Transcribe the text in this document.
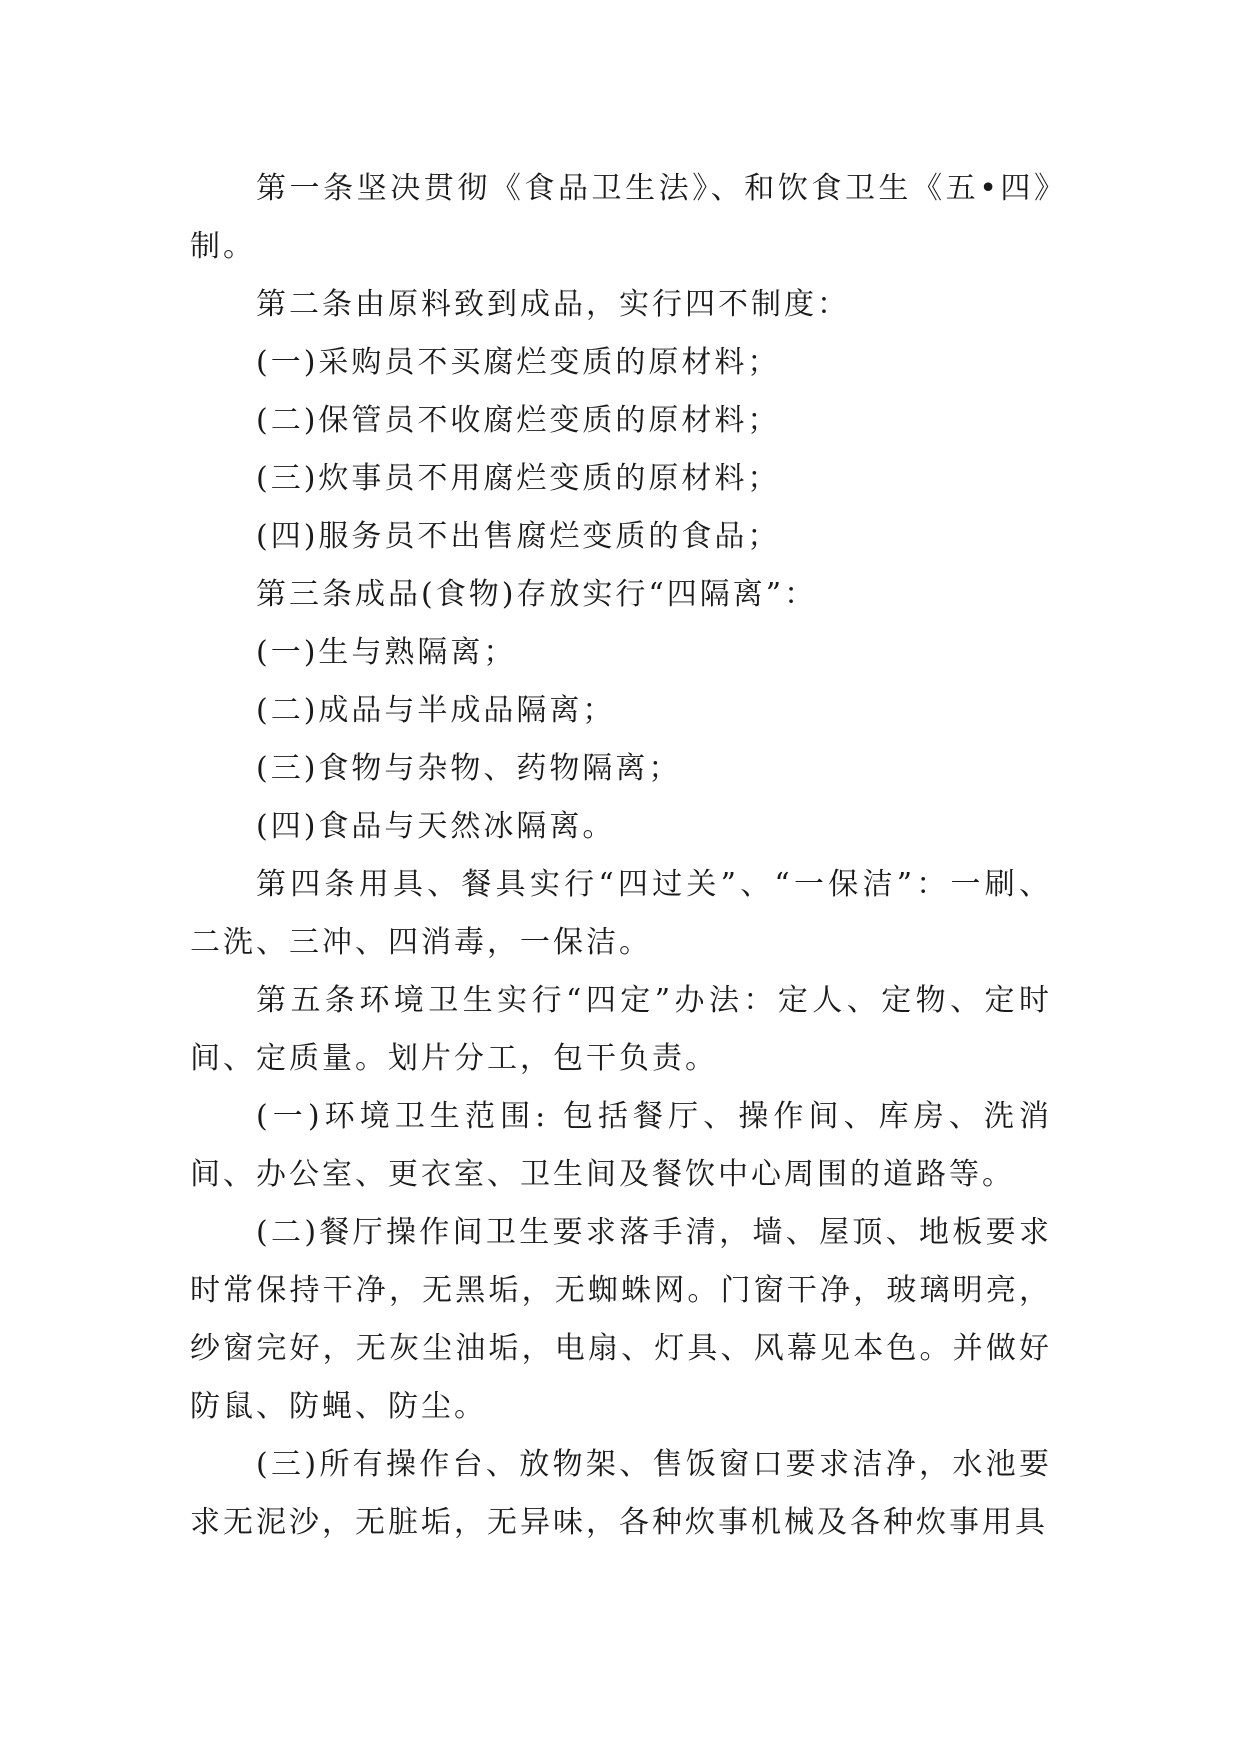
第一条坚决贯彻《食品卫生法》、和饮食卫生《五•四》制。

第二条由原料致到成品，实行四不制度：

(一)采购员不买腐烂变质的原材料；

(二)保管员不收腐烂变质的原材料；

(三)炊事员不用腐烂变质的原材料；

(四)服务员不出售腐烂变质的食品；

第三条成品(食物)存放实行“四隔离”：

(一)生与熟隔离；

(二)成品与半成品隔离；

(三)食物与杂物、药物隔离；

(四)食品与天然冰隔离。

第四条用具、餐具实行“四过关”、“一保洁”：一刷、二洗、三冲、四消毒，一保洁。

第五条环境卫生实行“四定”办法：定人、定物、定时间、定质量。划片分工，包干负责。

(一)环境卫生范围: 包括餐厅、操作间、库房、洗消间、办公室、更衣室、卫生间及餐饮中心周围的道路等。

(二)餐厅操作间卫生要求落手清，墙、屋顶、地板要求时常保持干净，无黑垢，无蜘蛛网。门窗干净，玻璃明亮，纱窗完好，无灰尘油垢，电扇、灯具、风幕见本色。并做好防鼠、防蝇、防尘。

(三)所有操作台、放物架、售饭窗口要求洁净，水池要求无泥沙，无脏垢，无异味，各种炊事机械及各种炊事用具
